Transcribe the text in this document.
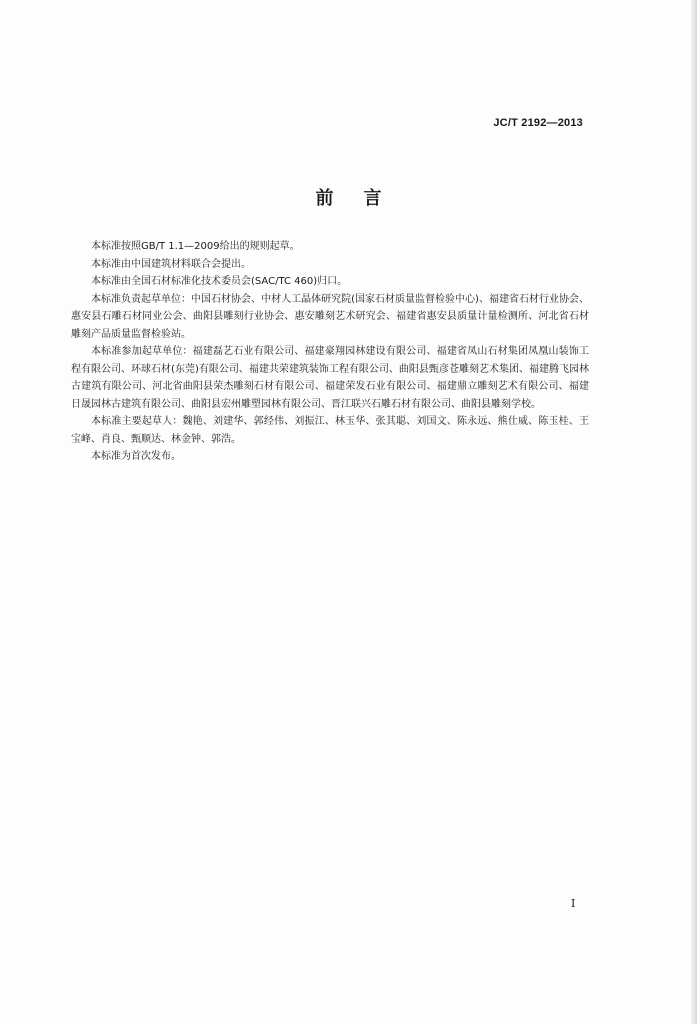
JC/T 2192—2013
前言

本标准按照GB/T 1.1—2009给出的规则起草。

本标准由中国建筑材料联合会提出。

本标准由全国石材标准化技术委员会(SAC/TC 460)归口。

本标准负责起草单位：中国石材协会、中材人工晶体研究院(国家石材质量监督检验中心)、福建省石材行业协会、惠安县石雕石材同业公会、曲阳县雕刻行业协会、惠安雕刻艺术研究会、福建省惠安县质量计量检测所、河北省石材雕刻产品质量监督检验站。

本标准参加起草单位：福建磊艺石业有限公司、福建豪翔园林建设有限公司、福建省凤山石材集团凤凰山装饰工程有限公司、环球石材(东莞)有限公司、福建共荣建筑装饰工程有限公司、曲阳县甄彦苍雕刻艺术集团、福建腾飞园林古建筑有限公司、河北省曲阳县荣杰雕刻石材有限公司、福建荣发石业有限公司、福建鼎立雕刻艺术有限公司、福建日晟园林古建筑有限公司、曲阳县宏州雕塑园林有限公司、晋江联兴石雕石材有限公司、曲阳县雕刻学校。

本标准主要起草人：魏艳、刘建华、郭经伟、刘振江、林玉华、张其聪、刘国文、陈永远、熊仕威、陈玉桂、王宝峰、肖良、甄顺达、林金钟、郭浩。

本标准为首次发布。

I
